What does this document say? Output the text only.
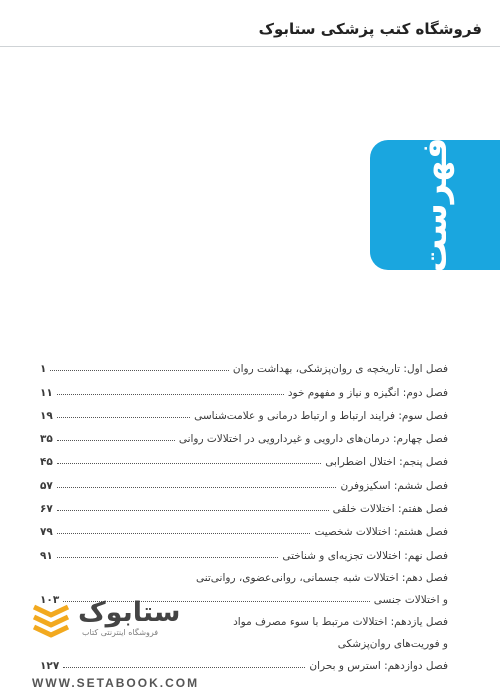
فروشگاه کتب پزشکی ستابوک
فهرست
فصل اول: تاریخچه ی روان‌پزشکی، بهداشت روان
۱
فصل دوم: انگیزه و نیاز و مفهوم خود
۱۱
فصل سوم: فرایند ارتباط و ارتباط درمانی و علامت‌شناسی
۱۹
فصل چهارم: درمان‌های دارویی و غیردارویی در اختلالات روانی
۳۵
فصل پنجم: اختلال اضطرابی
۴۵
فصل ششم: اسکیزوفرن
۵۷
فصل هفتم: اختلالات خلقی
۶۷
فصل هشتم: اختلالات شخصیت
۷۹
فصل نهم: اختلالات تجزیه‌ای و شناختی
۹۱
فصل دهم: اختلالات شبه جسمانی، روانی‌عضوی، روانی‌تنی
و اختلالات جنسی
۱۰۳
فصل یازدهم: اختلالات مرتبط با سوء مصرف مواد
و فوریت‌های روان‌پزشکی
فصل دوازدهم: استرس و بحران
۱۲۷
ستابوک
فروشگاه اینترنتی کتاب
WWW.SETABOOK.COM
